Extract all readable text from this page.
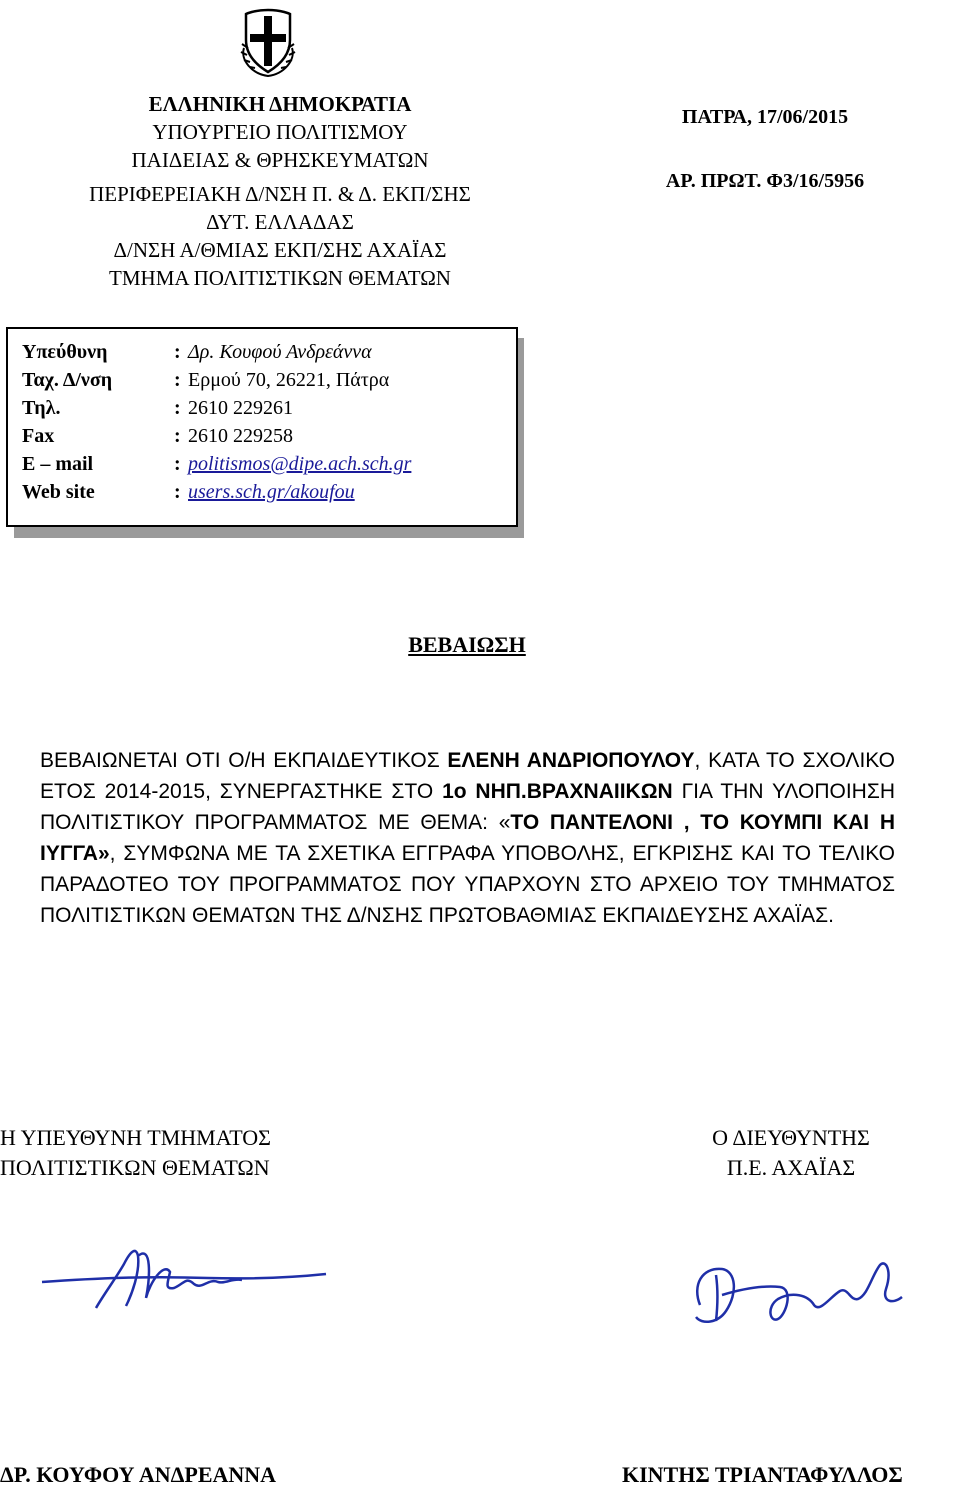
ΕΛΛΗΝΙΚΗ ΔΗΜΟΚΡΑΤΙΑ
ΥΠΟΥΡΓΕΙΟ ΠΟΛΙΤΙΣΜΟΥ
ΠΑΙΔΕΙΑΣ & ΘΡΗΣΚΕΥΜΑΤΩΝ
ΠΕΡΙΦΕΡΕΙΑΚΗ Δ/ΝΣΗ Π. & Δ. ΕΚΠ/ΣΗΣ
ΔΥΤ. ΕΛΛΑΔΑΣ
Δ/ΝΣΗ Α/ΘΜΙΑΣ ΕΚΠ/ΣΗΣ ΑΧΑΪΑΣ
ΤΜΗΜΑ ΠΟΛΙΤΙΣΤΙΚΩΝ ΘΕΜΑΤΩΝ
ΠΑΤΡΑ, 17/06/2015
ΑΡ. ΠΡΩΤ. Φ3/16/5956
Υπεύθυνη	: Δρ. Κουφού Ανδρεάννα
Ταχ. Δ/νση	: Ερμού 70, 26221, Πάτρα
Τηλ.	: 2610 229261
Fax	: 2610 229258
E – mail	: politismos@dipe.ach.sch.gr
Web site	: users.sch.gr/akoufou
ΒΕΒΑΙΩΣΗ
ΒΕΒΑΙΩΝΕΤΑΙ ΟΤΙ Ο/Η ΕΚΠΑΙΔΕΥΤΙΚΟΣ ΕΛΕΝΗ ΑΝΔΡΙΟΠΟΥΛΟΥ, ΚΑΤΑ ΤΟ ΣΧΟΛΙΚΟ ΕΤΟΣ 2014-2015, ΣΥΝΕΡΓΑΣΤΗΚΕ ΣΤΟ 1ο ΝΗΠ.ΒΡΑΧΝΑΙΙΚΩΝ ΓΙΑ ΤΗΝ ΥΛΟΠΟΙΗΣΗ ΠΟΛΙΤΙΣΤΙΚΟΥ ΠΡΟΓΡΑΜΜΑΤΟΣ ΜΕ ΘΕΜΑ: «ΤΟ ΠΑΝΤΕΛΟΝΙ , ΤΟ ΚΟΥΜΠΙ ΚΑΙ Η ΙΥΓΓΑ», ΣΥΜΦΩΝΑ ΜΕ ΤΑ ΣΧΕΤΙΚΑ ΕΓΓΡΑΦΑ ΥΠΟΒΟΛΗΣ, ΕΓΚΡΙΣΗΣ ΚΑΙ ΤΟ ΤΕΛΙΚΟ ΠΑΡΑΔΟΤΕΟ ΤΟΥ ΠΡΟΓΡΑΜΜΑΤΟΣ ΠΟΥ ΥΠΑΡΧΟΥΝ ΣΤΟ ΑΡΧΕΙΟ ΤΟΥ ΤΜΗΜΑΤΟΣ ΠΟΛΙΤΙΣΤΙΚΩΝ ΘΕΜΑΤΩΝ ΤΗΣ Δ/ΝΣΗΣ ΠΡΩΤΟΒΑΘΜΙΑΣ ΕΚΠΑΙΔΕΥΣΗΣ ΑΧΑΪΑΣ.
Η ΥΠΕΥΘΥΝΗ ΤΜΗΜΑΤΟΣ
ΠΟΛΙΤΙΣΤΙΚΩΝ ΘΕΜΑΤΩΝ
Ο ΔΙΕΥΘΥΝΤΗΣ
Π.Ε. ΑΧΑΪΑΣ
ΔΡ. ΚΟΥΦΟΥ ΑΝΔΡΕΑΝΝΑ	ΚΙΝΤΗΣ ΤΡΙΑΝΤΑΦΥΛΛΟΣ
